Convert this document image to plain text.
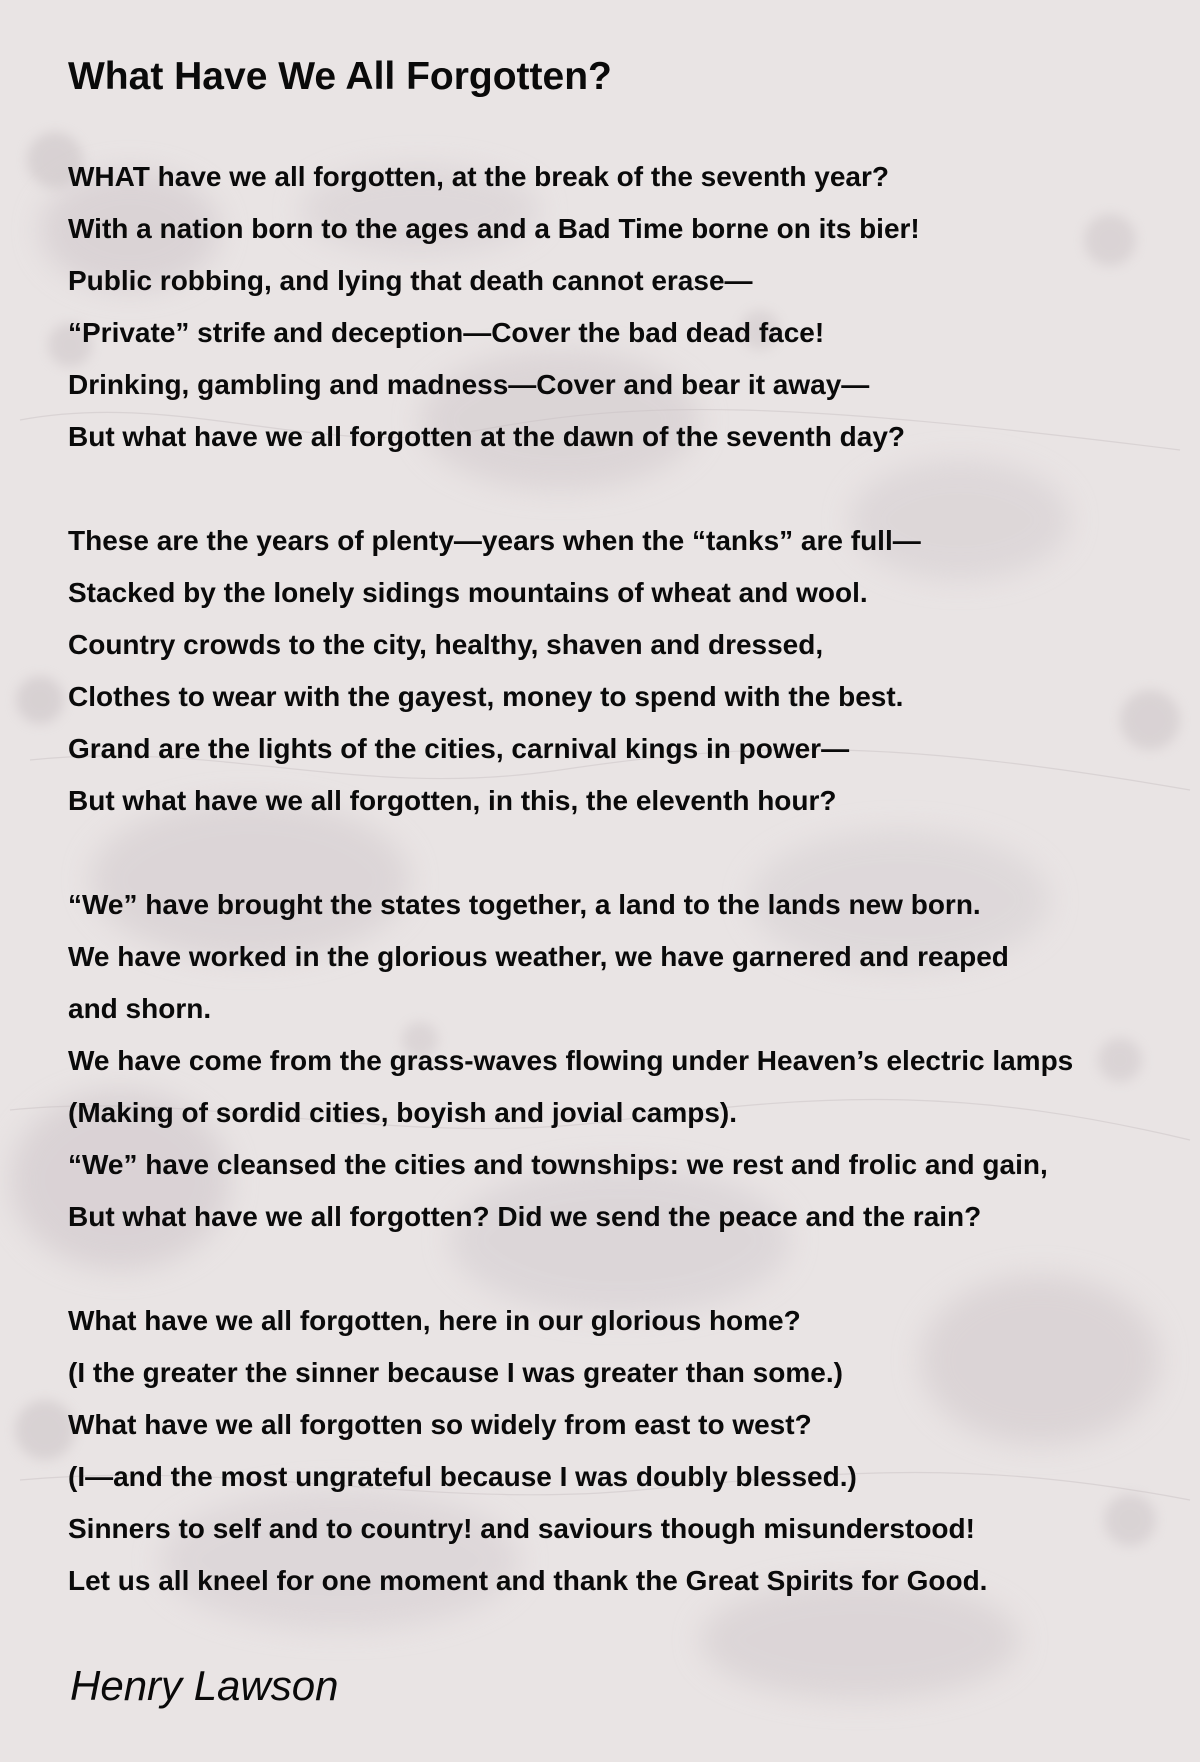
What Have We All Forgotten?
WHAT have we all forgotten, at the break of the seventh year?
With a nation born to the ages and a Bad Time borne on its bier!
Public robbing, and lying that death cannot erase—
“Private” strife and deception—Cover the bad dead face!
Drinking, gambling and madness—Cover and bear it away—
But what have we all forgotten at the dawn of the seventh day?
These are the years of plenty—years when the “tanks” are full—
Stacked by the lonely sidings mountains of wheat and wool.
Country crowds to the city, healthy, shaven and dressed,
Clothes to wear with the gayest, money to spend with the best.
Grand are the lights of the cities, carnival kings in power—
But what have we all forgotten, in this, the eleventh hour?
“We” have brought the states together, a land to the lands new born.
We have worked in the glorious weather, we have garnered and reaped
and shorn.
We have come from the grass-waves flowing under Heaven’s electric lamps
(Making of sordid cities, boyish and jovial camps).
“We” have cleansed the cities and townships: we rest and frolic and gain,
But what have we all forgotten? Did we send the peace and the rain?
What have we all forgotten, here in our glorious home?
(I the greater the sinner because I was greater than some.)
What have we all forgotten so widely from east to west?
(I—and the most ungrateful because I was doubly blessed.)
Sinners to self and to country! and saviours though misunderstood!
Let us all kneel for one moment and thank the Great Spirits for Good.
Henry Lawson
